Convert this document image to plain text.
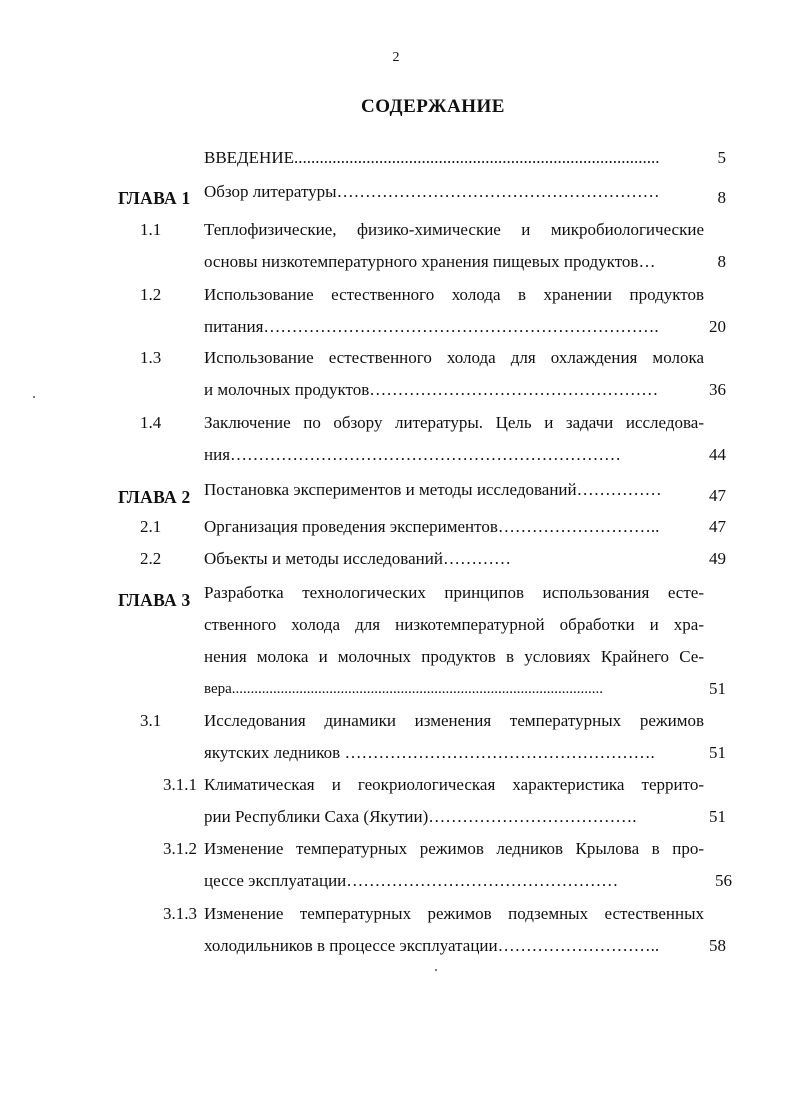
2
СОДЕРЖАНИЕ
ВВЕДЕНИЕ......................................................................................	5
ГЛАВА 1 Обзор литературы…………………………………………………	8
1.1	Теплофизические, физико-химические и микробиологические
основы низкотемпературного хранения пищевых продуктов…	8
1.2	Использование естественного холода в хранении продуктов
питания…………………………………………………………….	20
1.3	Использование естественного холода для охлаждения молока
и молочных продуктов……………………………………………	36
1.4	Заключение по обзору литературы. Цель и задачи исследова-
ния……………………………………………………………	44
ГЛАВА 2 Постановка экспериментов и методы исследований……………	47
2.1	Организация проведения экспериментов………………………..	47
2.2	Объекты и методы исследований…………	49
ГЛАВА 3 Разработка технологических принципов использования есте-
ственного холода для низкотемпературной обработки и хра-
нения молока и молочных продуктов в условиях Крайнего Се-
вера...................................................................................................	51
3.1	Исследования динамики изменения температурных режимов
якутских ледников ……………………………………………….	51
3.1.1 Климатическая и геокриологическая характеристика террито-
рии Республики Саха (Якутии)……………………………….	51
3.1.2 Изменение температурных режимов ледников Крылова в про-
цессе эксплуатации…………………………………………	56
3.1.3 Изменение температурных режимов подземных естественных
холодильников в процессе эксплуатации………………………..	58
